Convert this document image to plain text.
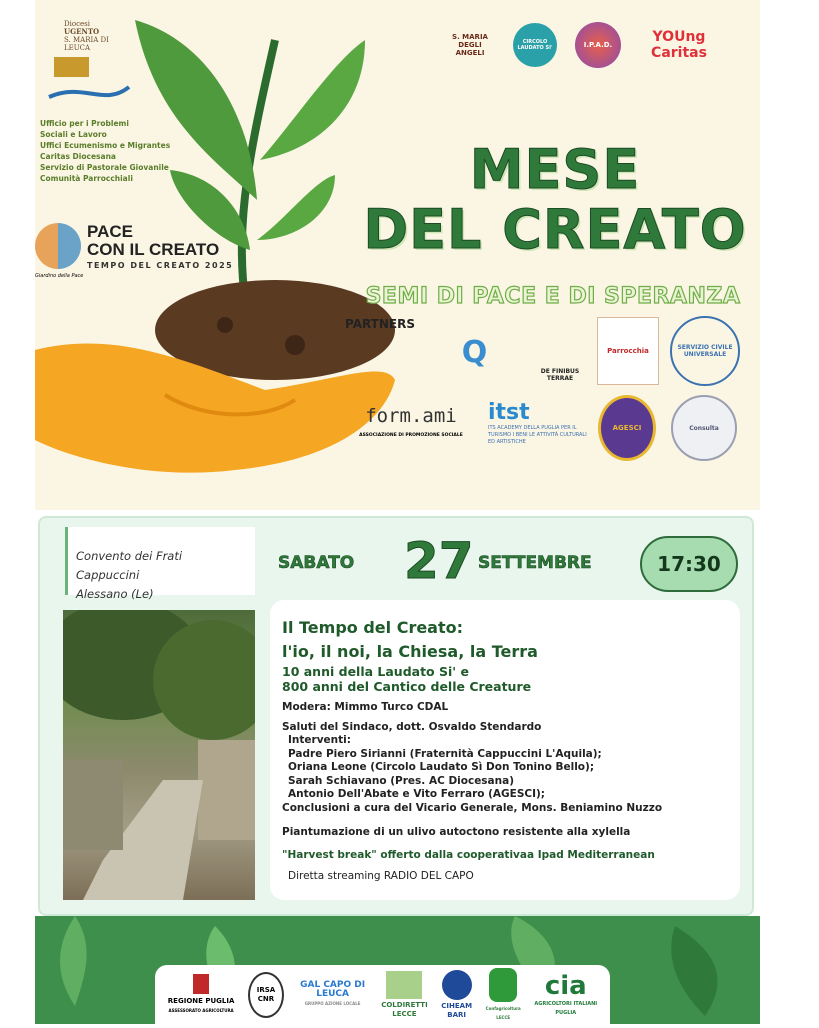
Diocesi
UGENTO
S. MARIA DI LEUCA
Ufficio per i Problemi Sociali e Lavoro
Uffici Ecumenismo e Migrantes
Caritas Diocesana
Servizio di Pastorale Giovanile
Comunità Parrocchiali
PACE
CON IL CREATO
TEMPO DEL CREATO 2025
Giardino della Pace
S. MARIA DEGLI ANGELI
CIRCOLO LAUDATO SI'	I.P.A.D.	YOUng Caritas
MESE
DEL CREATO
SEMI DI PACE E DI SPERANZA
PARTNERS
Q
DE FINIBUS TERRAE
Parrocchia	SERVIZIO CIVILE UNIVERSALE
form.ami
ASSOCIAZIONE DI PROMOZIONE SOCIALE
itst
ITS ACADEMY DELLA PUGLIA PER IL TURISMO I BENI LE ATTIVITÀ CULTURALI ED ARTISTICHE
AGESCI	Consulta
Convento dei Frati Cappuccini
Alessano (Le)
SABATO 27 SETTEMBRE	17:30
Il Tempo del Creato:
l'io, il noi, la Chiesa, la Terra
10 anni della Laudato Si' e
800 anni del Cantico delle Creature
Modera: Mimmo Turco CDAL
Saluti del Sindaco, dott. Osvaldo Stendardo
Interventi:
Padre Piero Sirianni (Fraternità Cappuccini L'Aquila);
Oriana Leone (Circolo Laudato Sì Don Tonino Bello);
Sarah Schiavano (Pres. AC Diocesana)
Antonio Dell'Abate e Vito Ferraro (AGESCI);
Conclusioni a cura del Vicario Generale, Mons. Beniamino Nuzzo
Piantumazione di un ulivo autoctono resistente alla xylella
"Harvest break" offerto dalla cooperativaa Ipad Mediterranean
Diretta streaming RADIO DEL CAPO
REGIONE PUGLIA
ASSESSORATO AGRICOLTURA
IRSA
CNR
GAL CAPO DI LEUCA
GRUPPO AZIONE LOCALE	COLDIRETTI
LECCE
CIHEAM
BARI
Confagricoltura
LECCE
cia
AGRICOLTORI ITALIANI
PUGLIA
